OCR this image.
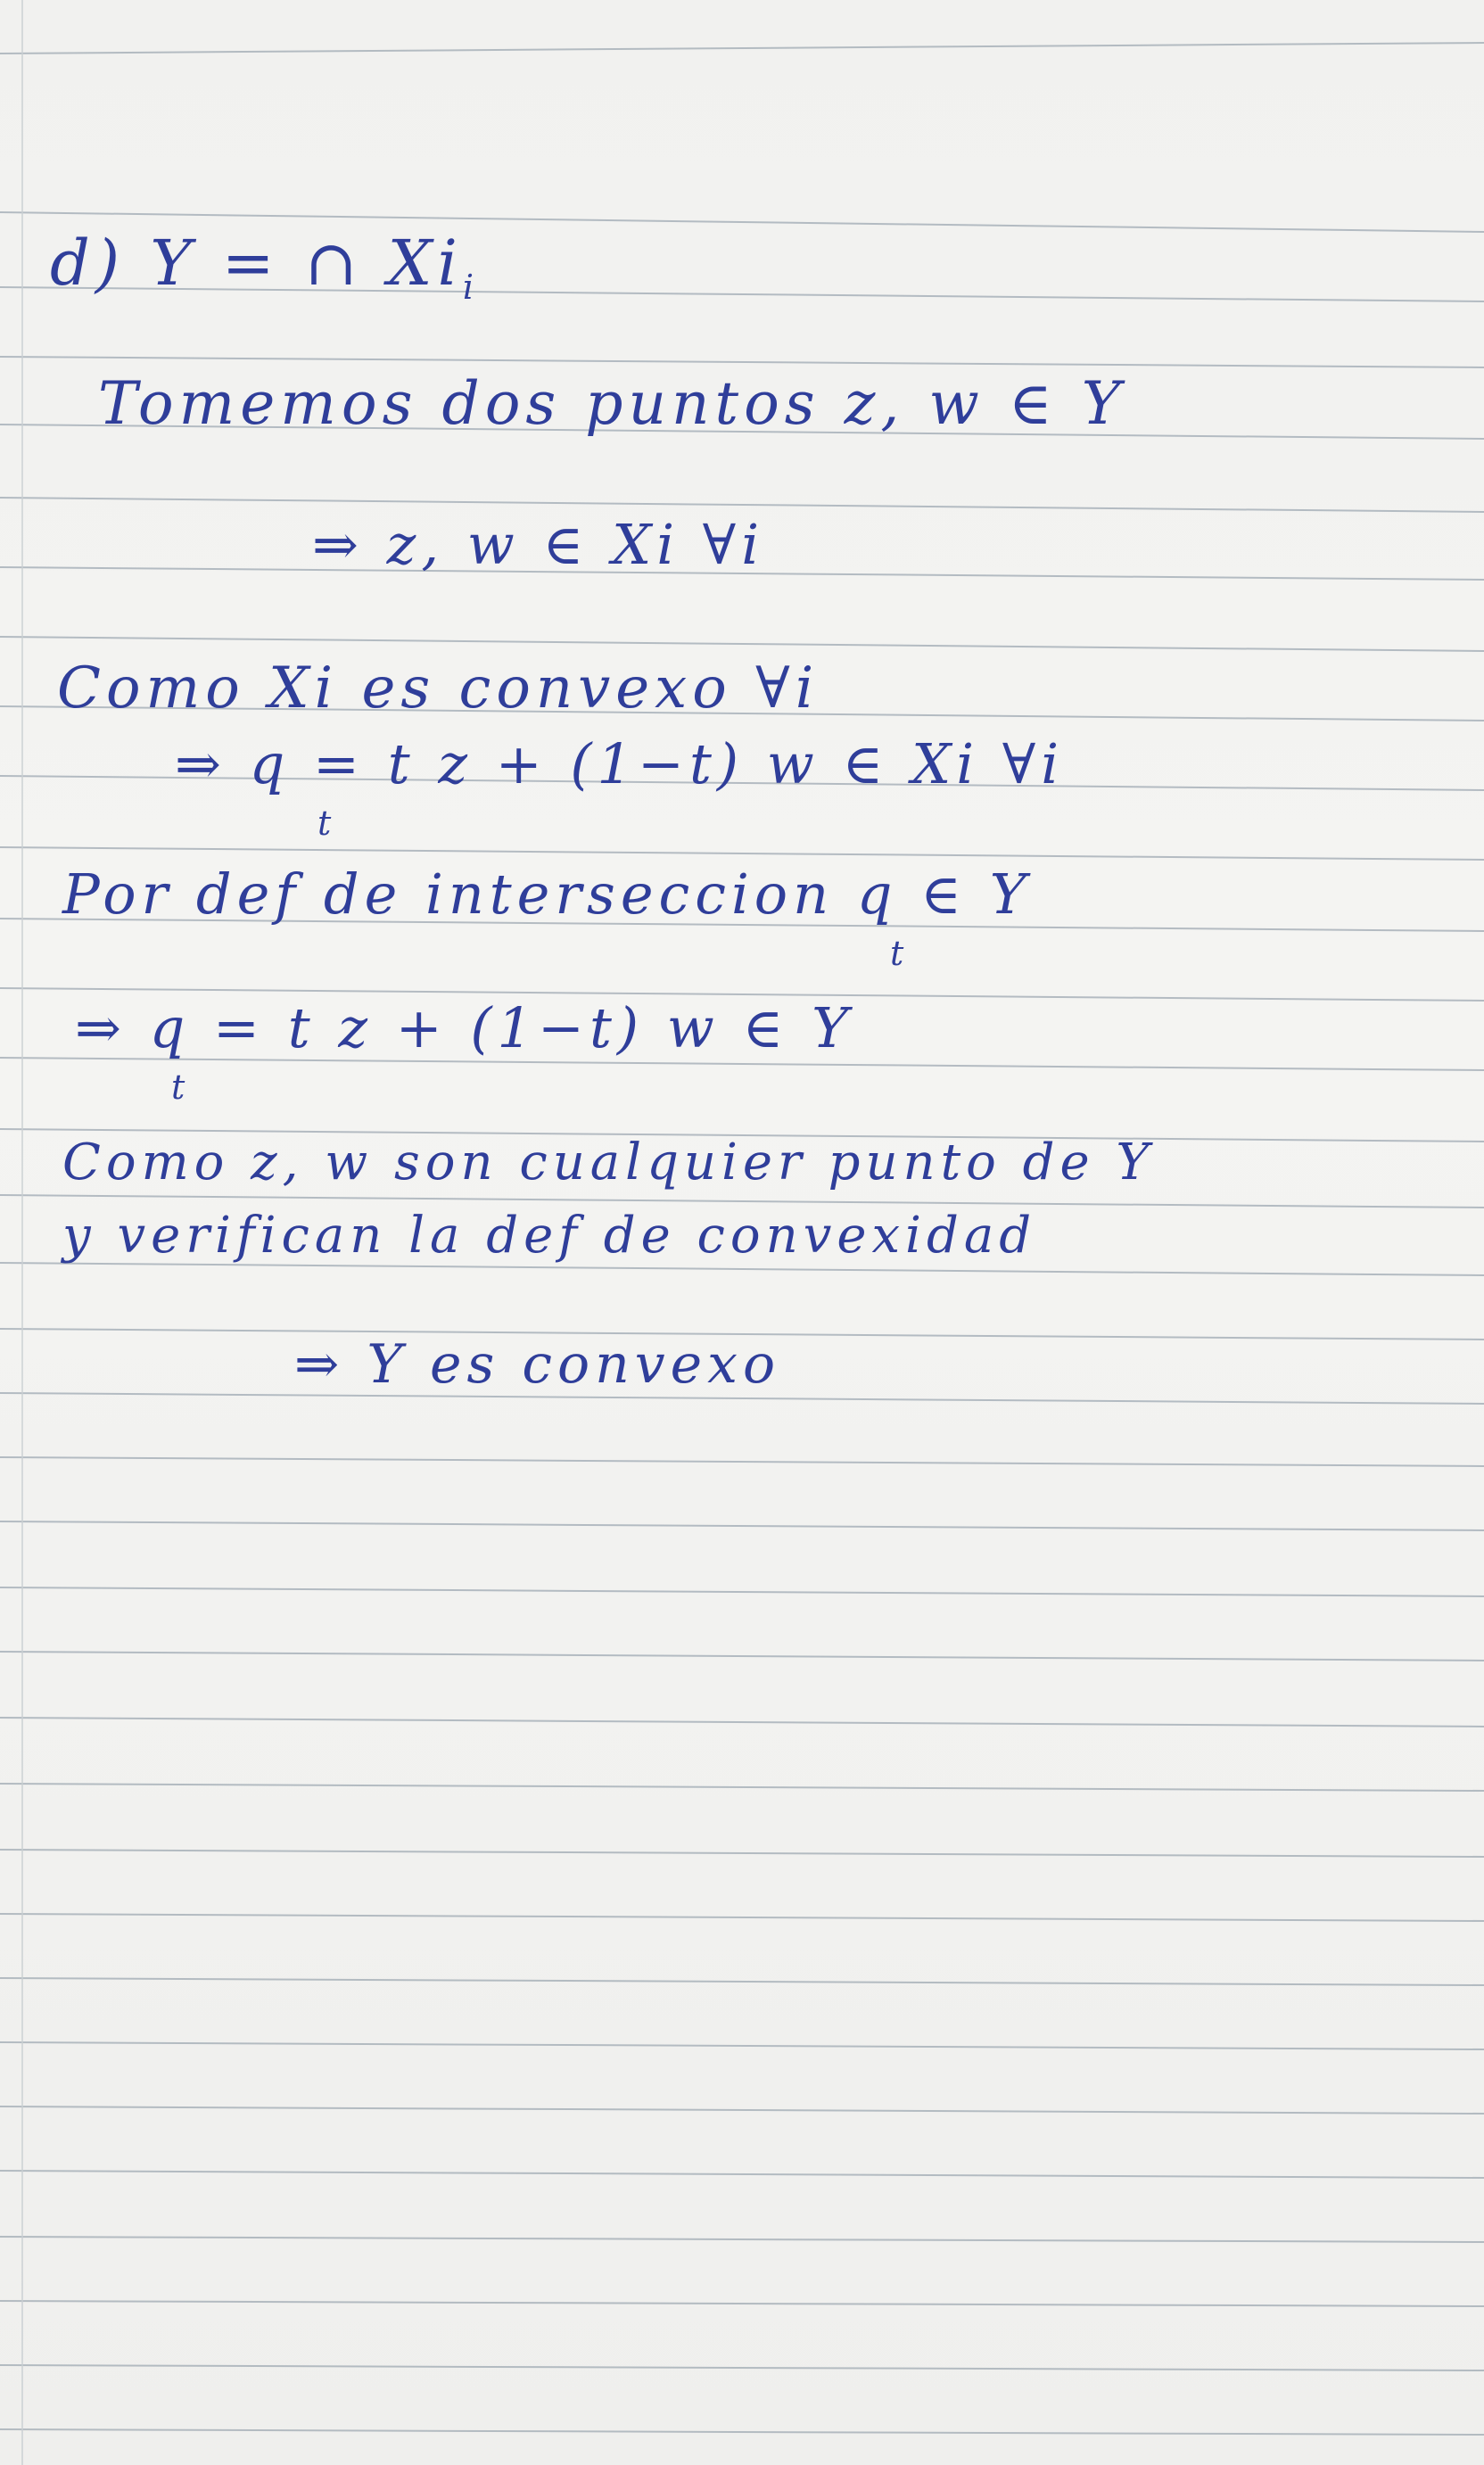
d) Y = ∩ $Xi_i$
Tomemos dos puntos z, w ∈ Y
⇒ z, w ∈ Xi ∀i
Como Xi es convexo ∀i
⇒ q = t z + (1−t) w ∈ Xi ∀i
t
Por def de interseccion q ∈ Y
t
⇒ q = t z + (1−t) w ∈ Y
t
Como z, w son cualquier punto de Y
y verifican la def de convexidad
⇒ Y es convexo
